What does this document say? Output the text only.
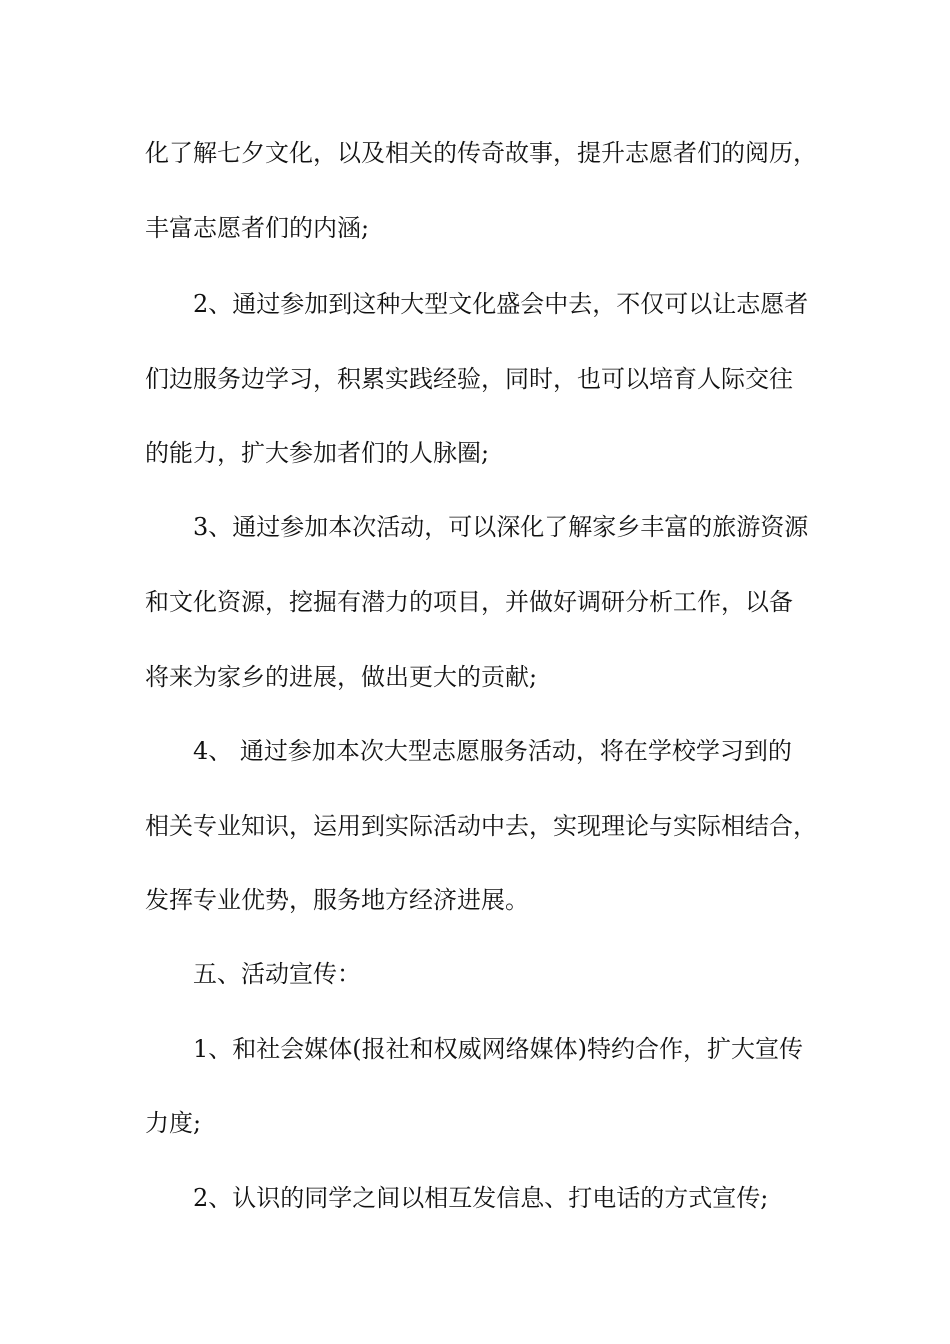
化了解七夕文化，以及相关的传奇故事，提升志愿者们的阅历，
丰富志愿者们的内涵;
2、通过参加到这种大型文化盛会中去，不仅可以让志愿者
们边服务边学习，积累实践经验，同时，也可以培育人际交往
的能力，扩大参加者们的人脉圈;
3、通过参加本次活动，可以深化了解家乡丰富的旅游资源
和文化资源，挖掘有潜力的项目，并做好调研分析工作，以备
将来为家乡的进展，做出更大的贡献;
4、 通过参加本次大型志愿服务活动，将在学校学习到的
相关专业知识，运用到实际活动中去，实现理论与实际相结合，
发挥专业优势，服务地方经济进展。
五、活动宣传：
1、和社会媒体(报社和权威网络媒体)特约合作，扩大宣传
力度;
2、认识的同学之间以相互发信息、打电话的方式宣传;
